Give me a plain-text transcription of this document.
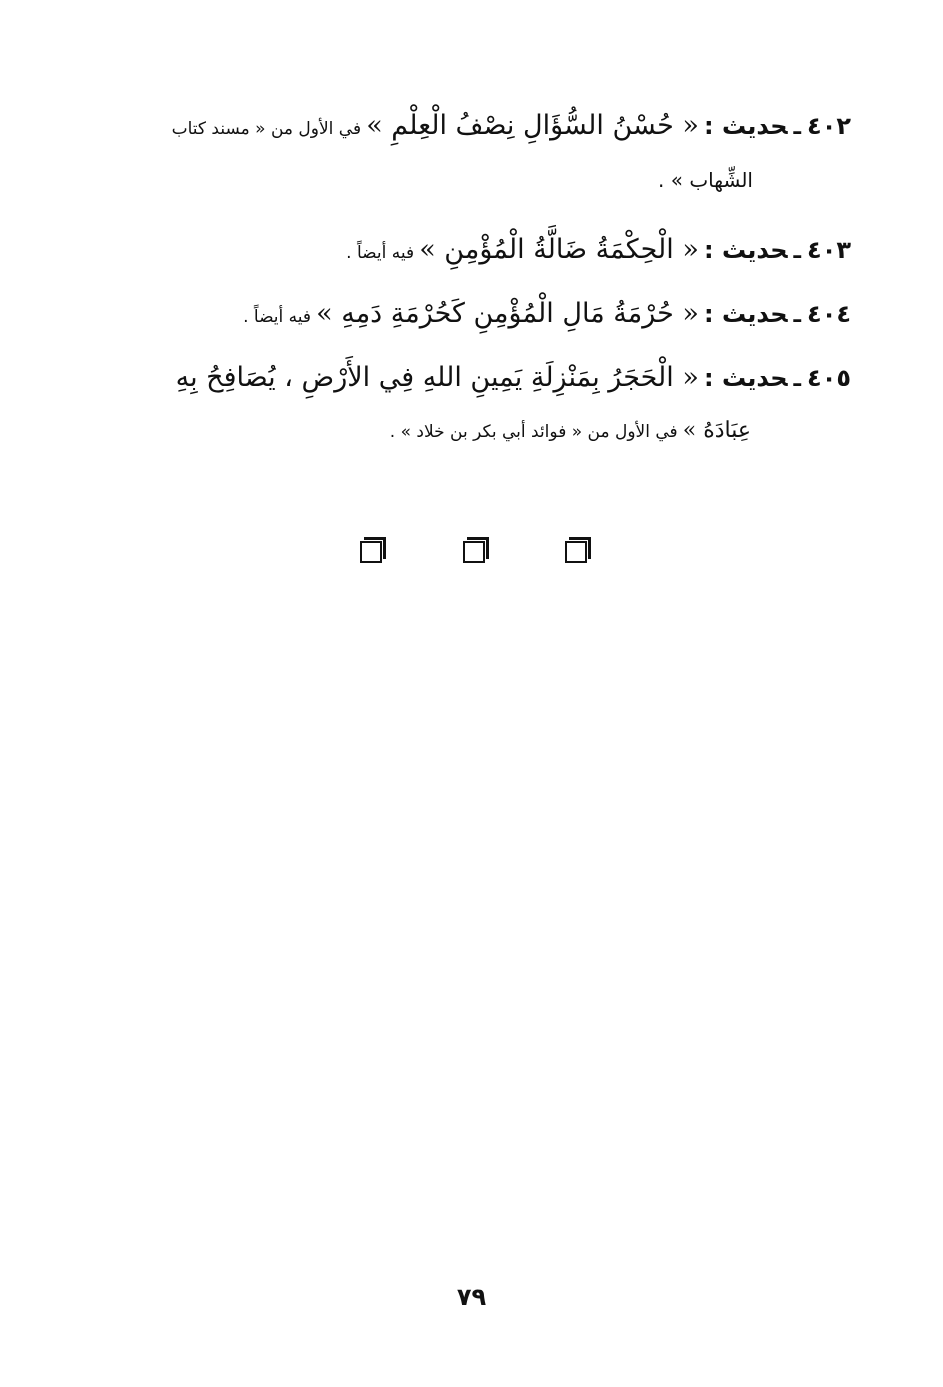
٤٠٢ـحديث : « حُسْنُ السُّؤَالِ نِصْفُ الْعِلْمِ » في الأول من « مسند كتاب
الشِّهاب » .
٤٠٣ـحديث : « الْحِكْمَةُ ضَالَّةُ الْمُؤْمِنِ » فيه أيضاً .
٤٠٤ـحديث : « حُرْمَةُ مَالِ الْمُؤْمِنِ كَحُرْمَةِ دَمِهِ » فيه أيضاً .
٤٠٥ـحديث : « الْحَجَرُ بِمَنْزِلَةِ يَمِينِ اللهِ فِي الأَرْضِ ، يُصَافِحُ بِهِ
عِبَادَهُ » في الأول من « فوائد أبي بكر بن خلاد » .
٧٩
